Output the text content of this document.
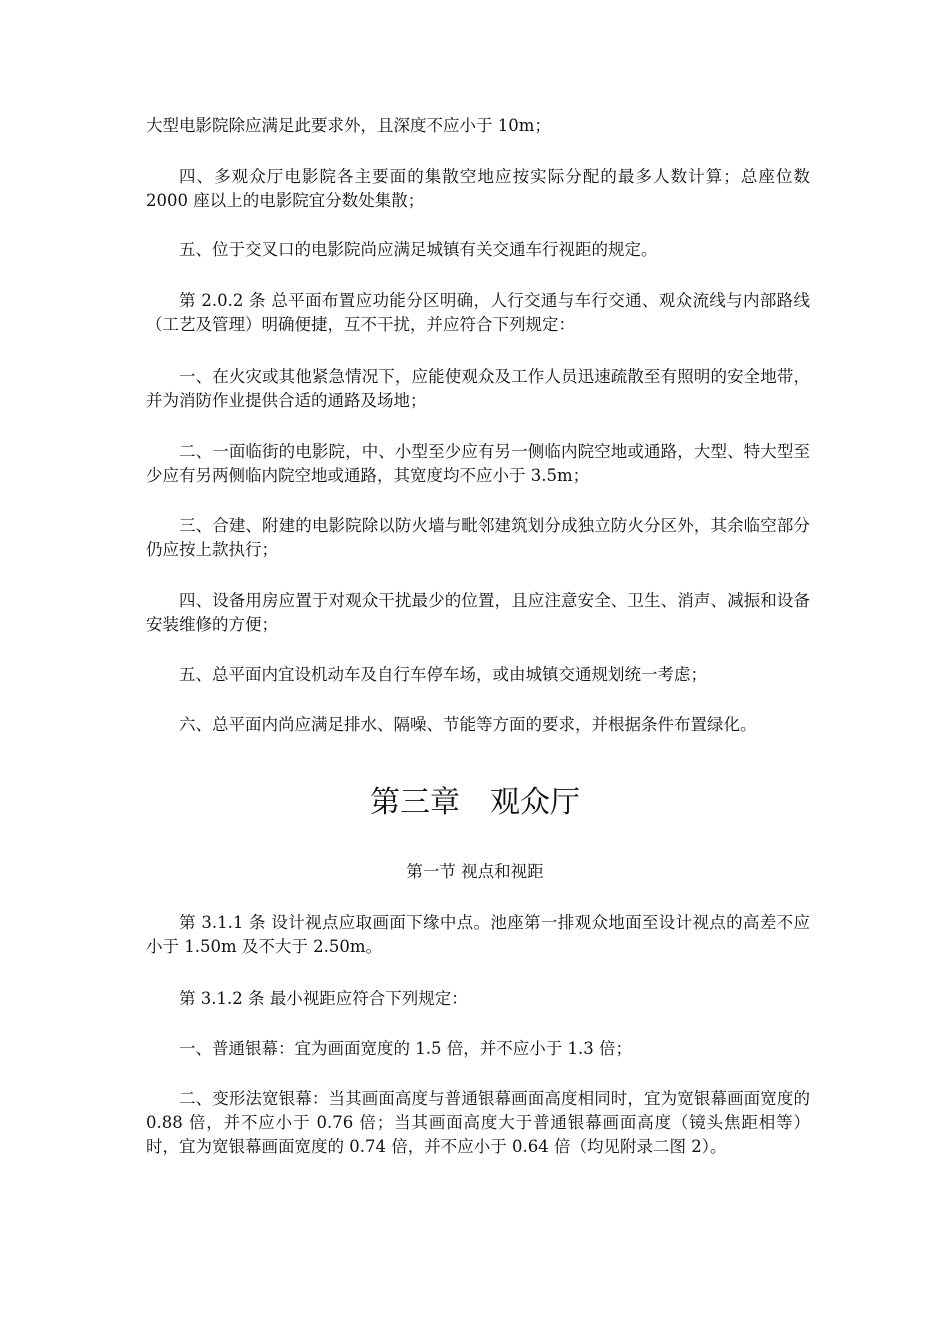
大型电影院除应满足此要求外，且深度不应小于 10m；

四、多观众厅电影院各主要面的集散空地应按实际分配的最多人数计算；总座位数 2000 座以上的电影院宜分数处集散；

五、位于交叉口的电影院尚应满足城镇有关交通车行视距的规定。

第 2.0.2 条 总平面布置应功能分区明确，人行交通与车行交通、观众流线与内部路线（工艺及管理）明确便捷，互不干扰，并应符合下列规定：

一、在火灾或其他紧急情况下，应能使观众及工作人员迅速疏散至有照明的安全地带，并为消防作业提供合适的通路及场地；

二、一面临街的电影院，中、小型至少应有另一侧临内院空地或通路，大型、特大型至少应有另两侧临内院空地或通路，其宽度均不应小于 3.5m；

三、合建、附建的电影院除以防火墙与毗邻建筑划分成独立防火分区外，其余临空部分仍应按上款执行；

四、设备用房应置于对观众干扰最少的位置，且应注意安全、卫生、消声、减振和设备安装维修的方便；

五、总平面内宜设机动车及自行车停车场，或由城镇交通规划统一考虑；

六、总平面内尚应满足排水、隔噪、节能等方面的要求，并根据条件布置绿化。

第三章　观众厅
第一节 视点和视距

第 3.1.1 条 设计视点应取画面下缘中点。池座第一排观众地面至设计视点的高差不应小于 1.50m 及不大于 2.50m。

第 3.1.2 条 最小视距应符合下列规定：

一、普通银幕：宜为画面宽度的 1.5 倍，并不应小于 1.3 倍；

二、变形法宽银幕：当其画面高度与普通银幕画面高度相同时，宜为宽银幕画面宽度的 0.88 倍，并不应小于 0.76 倍；当其画面高度大于普通银幕画面高度（镜头焦距相等）时，宜为宽银幕画面宽度的 0.74 倍，并不应小于 0.64 倍（均见附录二图 2）。
